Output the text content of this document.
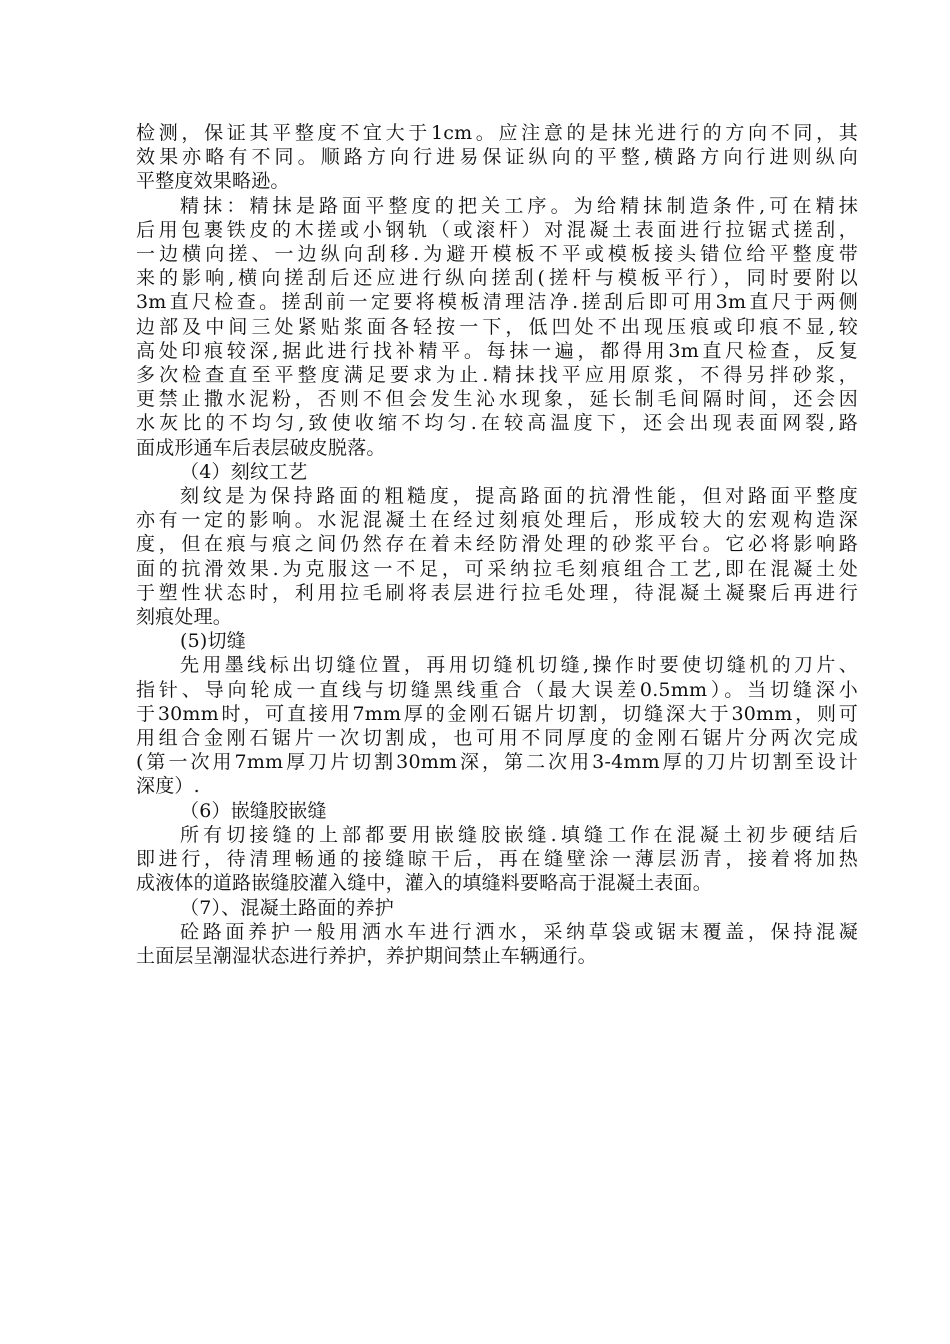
检测，保证其平整度不宜大于1cm。应注意的是抹光进行的方向不同，其
效果亦略有不同。顺路方向行进易保证纵向的平整,横路方向行进则纵向
平整度效果略逊。
精抹：精抹是路面平整度的把关工序。为给精抹制造条件,可在精抹
后用包裹铁皮的木搓或小钢轨（或滚杆）对混凝土表面进行拉锯式搓刮，
一边横向搓、一边纵向刮移.为避开模板不平或模板接头错位给平整度带
来的影响,横向搓刮后还应进行纵向搓刮(搓杆与模板平行），同时要附以
3m直尺检查。搓刮前一定要将模板清理洁净.搓刮后即可用3m直尺于两侧
边部及中间三处紧贴浆面各轻按一下，低凹处不出现压痕或印痕不显,较
高处印痕较深,据此进行找补精平。每抹一遍，都得用3m直尺检查，反复
多次检查直至平整度满足要求为止.精抹找平应用原浆，不得另拌砂浆，
更禁止撒水泥粉，否则不但会发生沁水现象，延长制毛间隔时间，还会因
水灰比的不均匀,致使收缩不均匀.在较高温度下，还会出现表面网裂,路
面成形通车后表层破皮脱落。
（4）刻纹工艺
刻纹是为保持路面的粗糙度，提高路面的抗滑性能，但对路面平整度
亦有一定的影响。水泥混凝土在经过刻痕处理后，形成较大的宏观构造深
度，但在痕与痕之间仍然存在着未经防滑处理的砂浆平台。它必将影响路
面的抗滑效果.为克服这一不足，可采纳拉毛刻痕组合工艺,即在混凝土处
于塑性状态时，利用拉毛刷将表层进行拉毛处理，待混凝土凝聚后再进行
刻痕处理。
(5)切缝
先用墨线标出切缝位置，再用切缝机切缝,操作时要使切缝机的刀片、
指针、导向轮成一直线与切缝黑线重合（最大误差0.5mm）。当切缝深小
于30mm时，可直接用7mm厚的金刚石锯片切割，切缝深大于30mm，则可
用组合金刚石锯片一次切割成，也可用不同厚度的金刚石锯片分两次完成
(第一次用7mm厚刀片切割30mm深，第二次用3-4mm厚的刀片切割至设计
深度）.
（6）嵌缝胶嵌缝
所有切接缝的上部都要用嵌缝胶嵌缝.填缝工作在混凝土初步硬结后
即进行，待清理畅通的接缝晾干后，再在缝壁涂一薄层沥青，接着将加热
成液体的道路嵌缝胶灌入缝中，灌入的填缝料要略高于混凝土表面。
（7）、混凝土路面的养护
砼路面养护一般用洒水车进行洒水，采纳草袋或锯末覆盖，保持混凝
土面层呈潮湿状态进行养护，养护期间禁止车辆通行。
